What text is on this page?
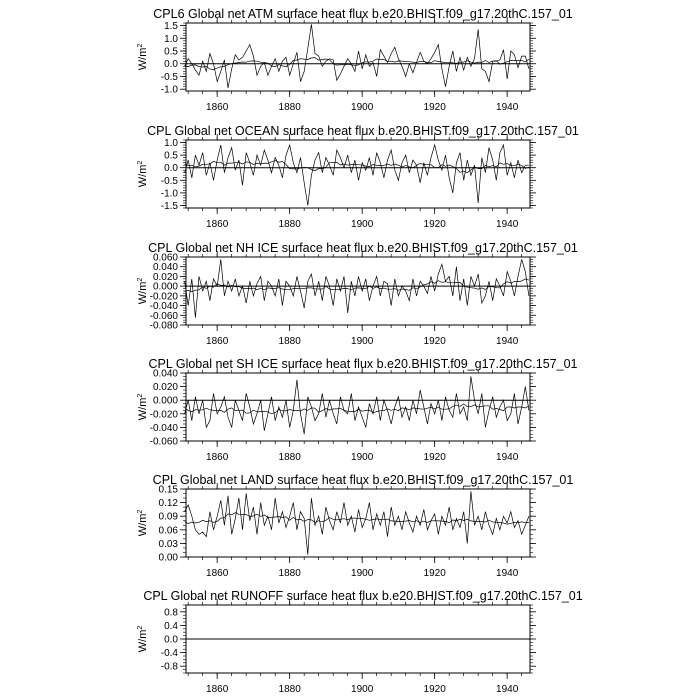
CPL6 Global net ATM surface heat flux b.e20.BHIST.f09_g17.20thC.157_01
$W/m^2$
1860	1880	1900	1920	1940
-1.0
-0.5
0.0
0.5
1.0
1.5
CPL Global net OCEAN surface heat flux b.e20.BHIST.f09_g17.20thC.157_01
$W/m^2$
1860	1880	1900	1920	1940
-1.5
-1.0
-0.5
0.0
0.5
1.0
CPL Global net NH ICE surface heat flux b.e20.BHIST.f09_g17.20thC.157_01
$W/m^2$
1860	1880	1900	1920	1940
-0.080
-0.060
-0.040
-0.020
0.000
0.020
0.040
0.060
CPL Global net SH ICE surface heat flux b.e20.BHIST.f09_g17.20thC.157_01
$W/m^2$
1860	1880	1900	1920	1940
-0.060
-0.040
-0.020
0.000
0.020
0.040
CPL Global net LAND surface heat flux b.e20.BHIST.f09_g17.20thC.157_01
$W/m^2$
1860	1880	1900	1920	1940
0.00
0.03
0.06
0.09
0.12
0.15
CPL Global net RUNOFF surface heat flux b.e20.BHIST.f09_g17.20thC.157_01
$W/m^2$
1860	1880	1900	1920	1940
-0.8
-0.4
0.0
0.4
0.8
